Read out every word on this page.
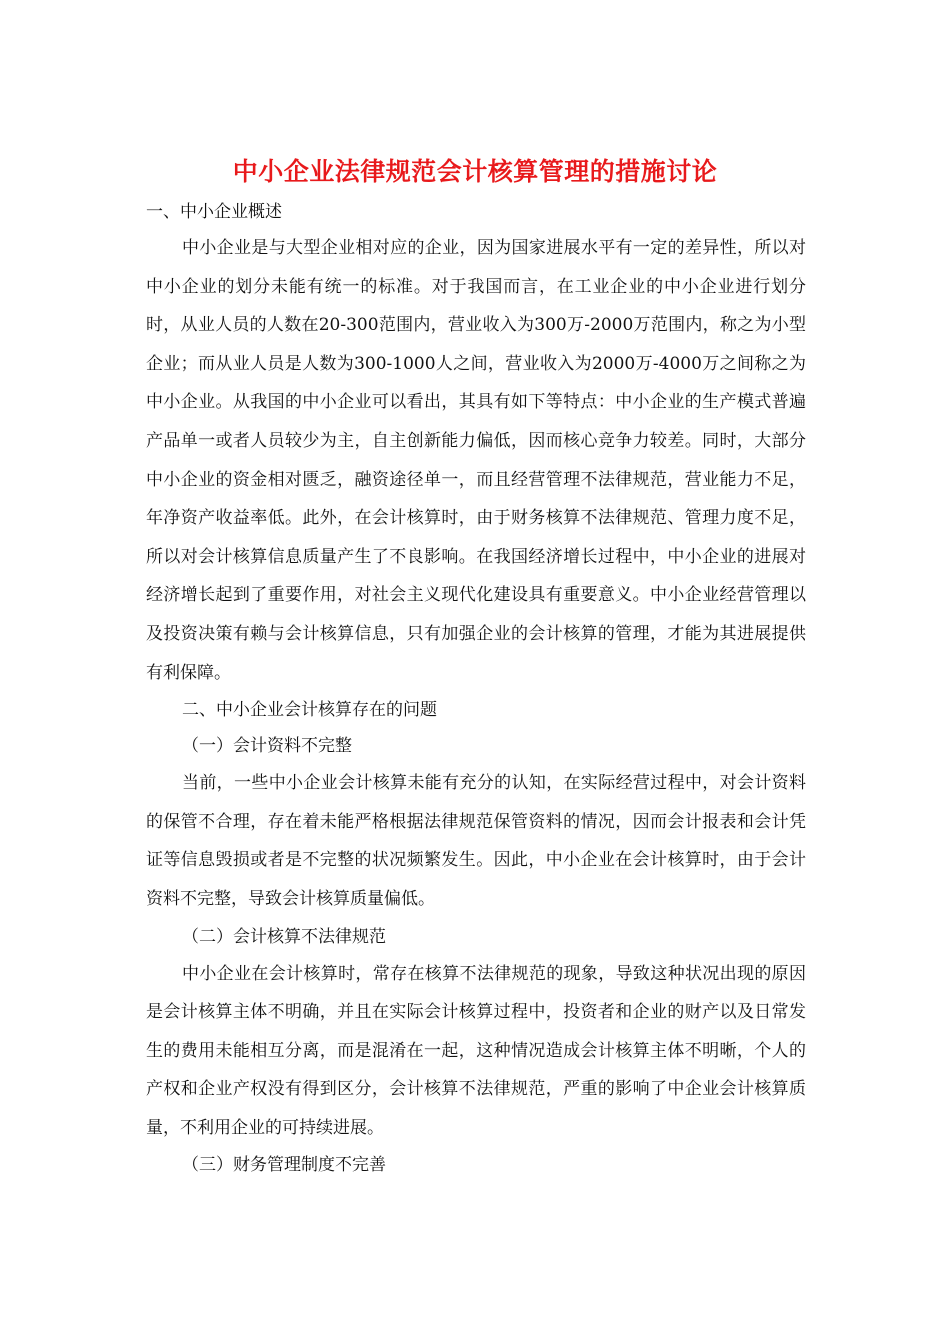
中小企业法律规范会计核算管理的措施讨论

一、中小企业概述

中小企业是与大型企业相对应的企业，因为国家进展水平有一定的差异性，所以对中小企业的划分未能有统一的标准。对于我国而言，在工业企业的中小企业进行划分时，从业人员的人数在20-300范围内，营业收入为300万-2000万范围内，称之为小型企业；而从业人员是人数为300-1000人之间，营业收入为2000万-4000万之间称之为中小企业。从我国的中小企业可以看出，其具有如下等特点：中小企业的生产模式普遍产品单一或者人员较少为主，自主创新能力偏低，因而核心竞争力较差。同时，大部分中小企业的资金相对匮乏，融资途径单一，而且经营管理不法律规范，营业能力不足，年净资产收益率低。此外，在会计核算时，由于财务核算不法律规范、管理力度不足，所以对会计核算信息质量产生了不良影响。在我国经济增长过程中，中小企业的进展对经济增长起到了重要作用，对社会主义现代化建设具有重要意义。中小企业经营管理以及投资决策有赖与会计核算信息，只有加强企业的会计核算的管理，才能为其进展提供有利保障。

二、中小企业会计核算存在的问题

（一）会计资料不完整

当前，一些中小企业会计核算未能有充分的认知，在实际经营过程中，对会计资料的保管不合理，存在着未能严格根据法律规范保管资料的情况，因而会计报表和会计凭证等信息毁损或者是不完整的状况频繁发生。因此，中小企业在会计核算时，由于会计资料不完整，导致会计核算质量偏低。

（二）会计核算不法律规范

中小企业在会计核算时，常存在核算不法律规范的现象，导致这种状况出现的原因是会计核算主体不明确，并且在实际会计核算过程中，投资者和企业的财产以及日常发生的费用未能相互分离，而是混淆在一起，这种情况造成会计核算主体不明晰，个人的产权和企业产权没有得到区分，会计核算不法律规范，严重的影响了中企业会计核算质量，不利用企业的可持续进展。

（三）财务管理制度不完善
